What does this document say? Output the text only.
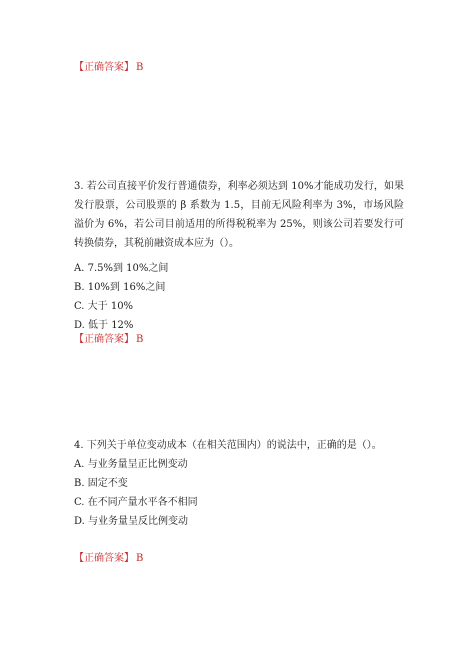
【正确答案】 B

3. 若公司直接平价发行普通债券，利率必须达到 10%才能成功发行，如果发行股票，公司股票的 β 系数为 1.5，目前无风险利率为 3%，市场风险溢价为 6%，若公司目前适用的所得税税率为 25%，则该公司若要发行可转换债券，其税前融资成本应为（）。

A. 7.5%到 10%之间
B. 10%到 16%之间
C. 大于 10%
D. 低于 12%
【正确答案】 B

4. 下列关于单位变动成本（在相关范围内）的说法中，正确的是（）。

A. 与业务量呈正比例变动
B. 固定不变
C. 在不同产量水平各不相同
D. 与业务量呈反比例变动
【正确答案】 B
